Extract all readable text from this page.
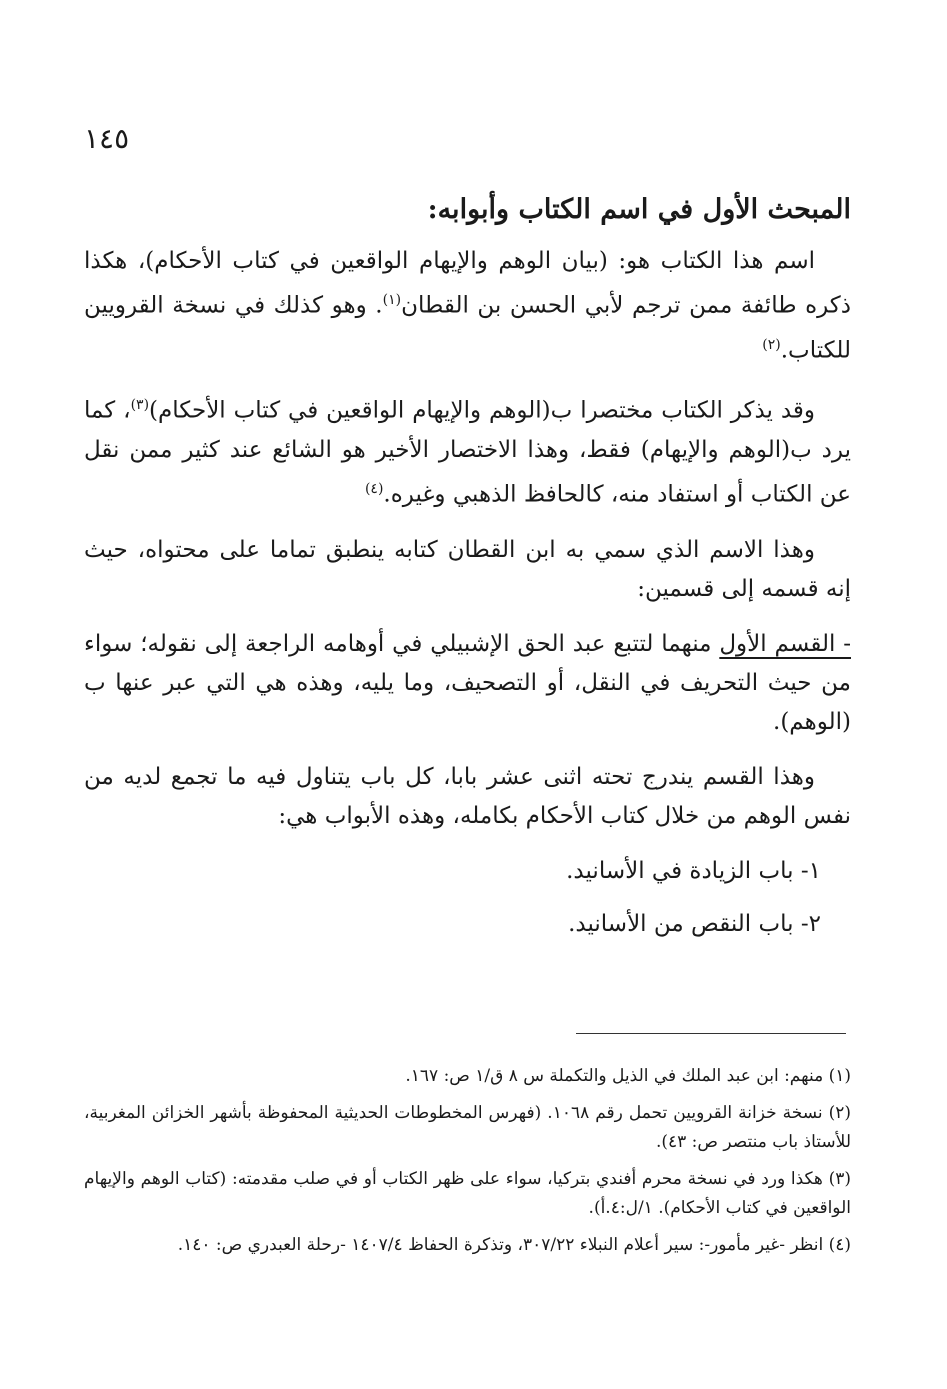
١٤٥
المبحث الأول في اسم الكتاب وأبوابه:

اسم هذا الكتاب هو: (بيان الوهم والإيهام الواقعين في كتاب الأحكام)، هكذا ذكره طائفة ممن ترجم لأبي الحسن بن القطان$^{(١)}$. وهو كذلك في نسخة القرويين للكتاب.$^{(٢)}$

وقد يذكر الكتاب مختصرا ب(الوهم والإيهام الواقعين في كتاب الأحكام)$^{(٣)}$، كما يرد ب(الوهم والإيهام) فقط، وهذا الاختصار الأخير هو الشائع عند كثير ممن نقل عن الكتاب أو استفاد منه، كالحافظ الذهبي وغيره.$^{(٤)}$

وهذا الاسم الذي سمي به ابن القطان كتابه ينطبق تماما على محتواه، حيث إنه قسمه إلى قسمين:

- القسم الأول منهما لتتبع عبد الحق الإشبيلي في أوهامه الراجعة إلى نقوله؛ سواء من حيث التحريف في النقل، أو التصحيف، وما يليه، وهذه هي التي عبر عنها ب (الوهم).

وهذا القسم يندرج تحته اثنى عشر بابا، كل باب يتناول فيه ما تجمع لديه من نفس الوهم من خلال كتاب الأحكام بكامله، وهذه الأبواب هي:

١- باب الزيادة في الأسانيد.
٢- باب النقص من الأسانيد.
(١) منهم: ابن عبد الملك في الذيل والتكملة س ٨ ق/١ ص: ١٦٧.
(٢) نسخة خزانة القرويين تحمل رقم ١٠٦٨. (فهرس المخطوطات الحديثية المحفوظة بأشهر الخزائن المغربية، للأستاذ باب منتصر ص: ٤٣).
(٣) هكذا ورد في نسخة محرم أفندي بتركيا، سواء على ظهر الكتاب أو في صلب مقدمته: (كتاب الوهم والإيهام الواقعين في كتاب الأحكام). ١/ل:٤.أ).
(٤) انظر -غير مأمور-: سير أعلام النبلاء ٣٠٧/٢٢، وتذكرة الحفاظ ١٤٠٧/٤ -رحلة العبدري ص: ١٤٠.
